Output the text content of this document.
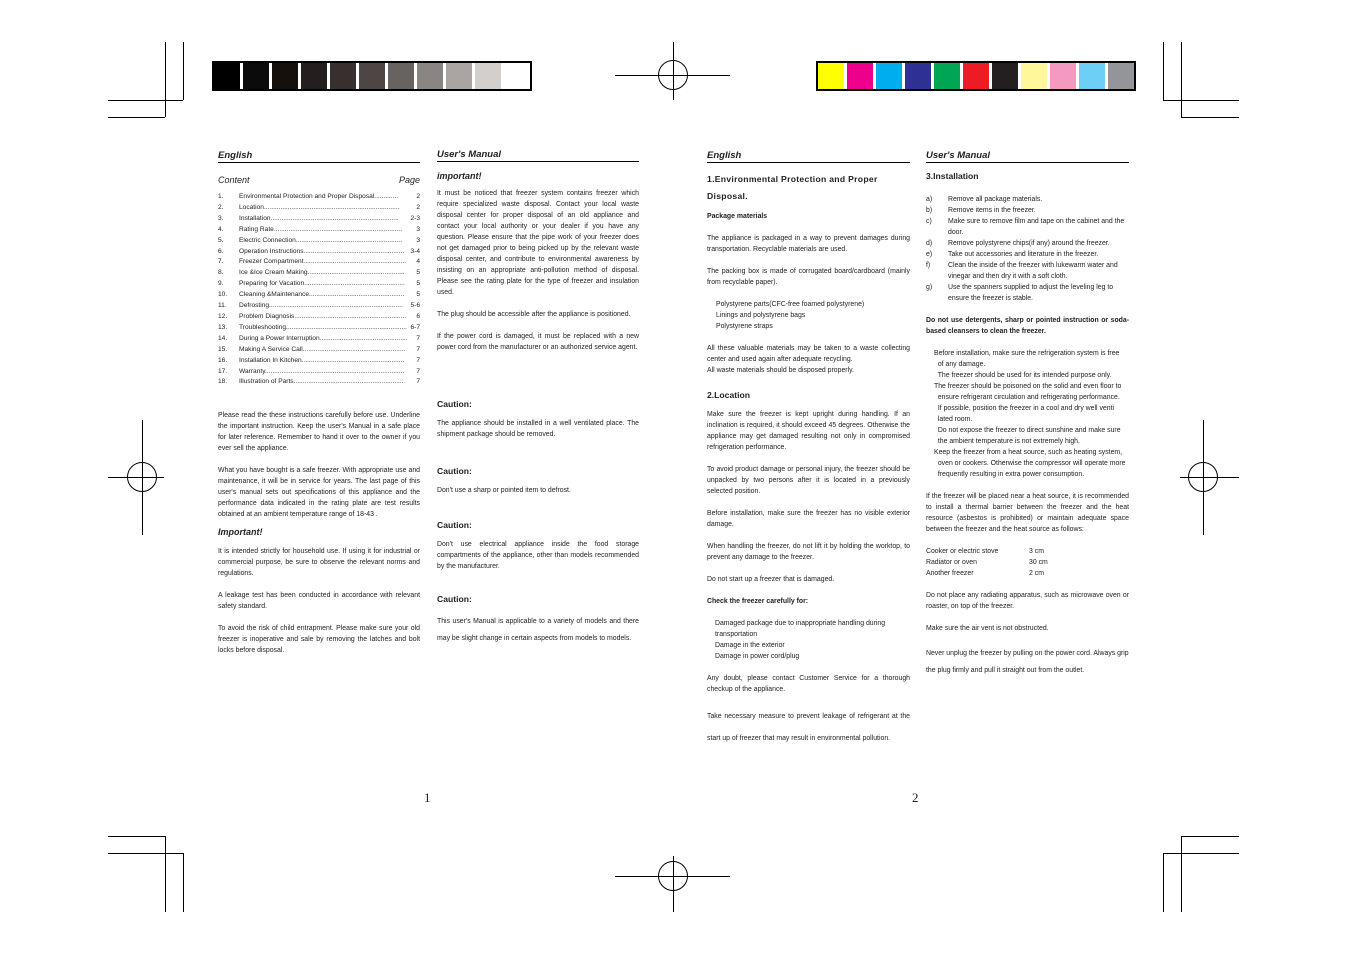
English
Content	Page
1.	Environmental Protection and Proper Disposal.............	2
2.	Location..........................................................................	2
3.	Installation......................................................................	2-3
4.	Rating Rate......................................................................	3
5.	Electric Connection..........................................................	3
6.	Operation Instructions....................................................... 3-4
7.	Freezer Compartment........................................................	4
8.	Ice &Ice Cream Making.....................................................	5
9.	Preparing for Vacation.......................................................	5
10.	Cleaning &Maintenance....................................................	5
11.	Defrosting.........................................................................	5-6
12.	Problem Diagnosis.............................................................	6
13.	Troubleshooting.................................................................. 6-7
14.	During a Power Interruption................................................	7
15.	Making A Service Call........................................................	7
16.	Installation In Kitchen........................................................	7
17.	Warranty............................................................................	7
18.	Illustration of Parts............................................................	7

Please read the these instructions carefully before use. Underline the important instruction. Keep the user's Manual in a safe place for later reference. Remember to hand it over to the owner if you ever sell the appliance.

What you have bought is a safe freezer. With appropriate use and maintenance, it will be in service for years. The last page of this user's manual sets out specifications of this appliance and the performance data indicated in the rating plate are test results obtained at an ambient temperature range of 18-43 .

Important!

It is intended strictly for household use. If using it for industrial or commercial purpose, be sure to observe the relevant norms and regulations.

A leakage test has been conducted in accordance with relevant safety standard.

To avoid the risk of child entrapment. Please make sure your old freezer is inoperative and sale by removing the latches and bolt locks before disposal.

User's Manual
important!

It must be noticed that freezer system contains freezer which require specialized waste disposal. Contact your local waste disposal center for proper disposal of an old appliance and contact your local authority or your dealer if you have any question. Please ensure that the pipe work of your freezer does not get damaged prior to being picked up by the relevant waste disposal center, and contribute to environmental awareness by insisting on an appropriate anti-pollution method of disposal. Please see the rating plate for the type of freezer and insulation used.

The plug should be accessible after the appliance is positioned.

If the power cord is damaged, it must be replaced with a new power cord from the manufacturer or an authorized service agent.

Caution:

The appliance should be installed in a well ventilated place. The shipment package should be removed.

Caution:

Don't use a sharp or pointed item to defrost.

Caution:

Don't use electrical appliance inside the food storage compartments of the appliance, other than models recommended by the manufacturer.

Caution:

This user's Manual is applicable to a variety of models and there may be slight change in certain aspects from models to models.

1
English
1.Environmental Protection and Proper Disposal.
Package materials

The appliance is packaged in a way to prevent damages during transportation. Recyclable materials are used.

The packing box is made of corrugated board/cardboard (mainly from recyclable paper).

Polystyrene parts(CFC-free foamed polystyrene)
Linings and polystyrene bags
Polystyrene straps

All these valuable materials may be taken to a waste collecting center and used again after adequate recycling.

All waste materials should be disposed properly.

2.Location

Make sure the freezer is kept upright during handling. If an inclination is required, it should exceed 45 degrees. Otherwise the appliance may get damaged resulting not only in compromised refrigeration performance.

To avoid product damage or personal injury, the freezer should be unpacked by two persons after it is located in a previously selected position.

Before installation, make sure the freezer has no visible exterior damage.

When handling the freezer, do not lift it by holding the worktop, to prevent any damage to the freezer.

Do not start up a freezer that is damaged.

Check the freezer carefully for:
Damaged package due to inappropriate handling during transportation
Damage in the exterior
Damage in power cord/plug

Any doubt, please contact Customer Service for a thorough checkup of the appliance.

Take necessary measure to prevent leakage of refrigerant at the start up of freezer that may result in environmental pollution.

2
User's Manual
3.Installation
a)	Remove all package materials.
b)	Remove items in the freezer.
c)	Make sure to remove film and tape on the cabinet and the door.
d)	Remove polystyrene chips(if any) around the freezer.
e)	Take out accessories and literature in the freezer.
f)	Clean the inside of the freezer with lukewarm water and vinegar and then dry it with a soft cloth.
g)	Use the spanners supplied to adjust the leveling leg to ensure the freezer is stable.

Do not use detergents, sharp or pointed instruction or soda-based cleansers to clean the freezer.

Before installation, make sure the refrigeration system is free
of any damage.
The freezer should be used for its intended purpose only.
The freezer should be poisoned on the solid and even floor to
ensure refrigerant circulation and refrigerating performance.
If possible, position the freezer in a cool and dry well venti
lated room.
Do not expose the freezer to direct sunshine and make sure
the ambient temperature is not extremely high.
Keep the freezer from a heat source, such as heating system,
oven or cookers. Otherwise the compressor will operate more
frequently resulting in extra power consumption.

If the freezer will be placed near a heat source, it is recommended to install a thermal barrier between the freezer and the heat resource (asbestos is prohibited) or maintain adequate space between the freezer and the heat source as follows:

Cooker or electric stove	3 cm
Radiator or oven	30 cm
Another freezer	2 cm

Do not place any radiating apparatus, such as microwave oven or roaster, on top of the freezer.

Make sure the air vent is not obstructed.

Never unplug the freezer by pulling on the power cord. Always grip the plug firmly and pull it straight out from the outlet.
